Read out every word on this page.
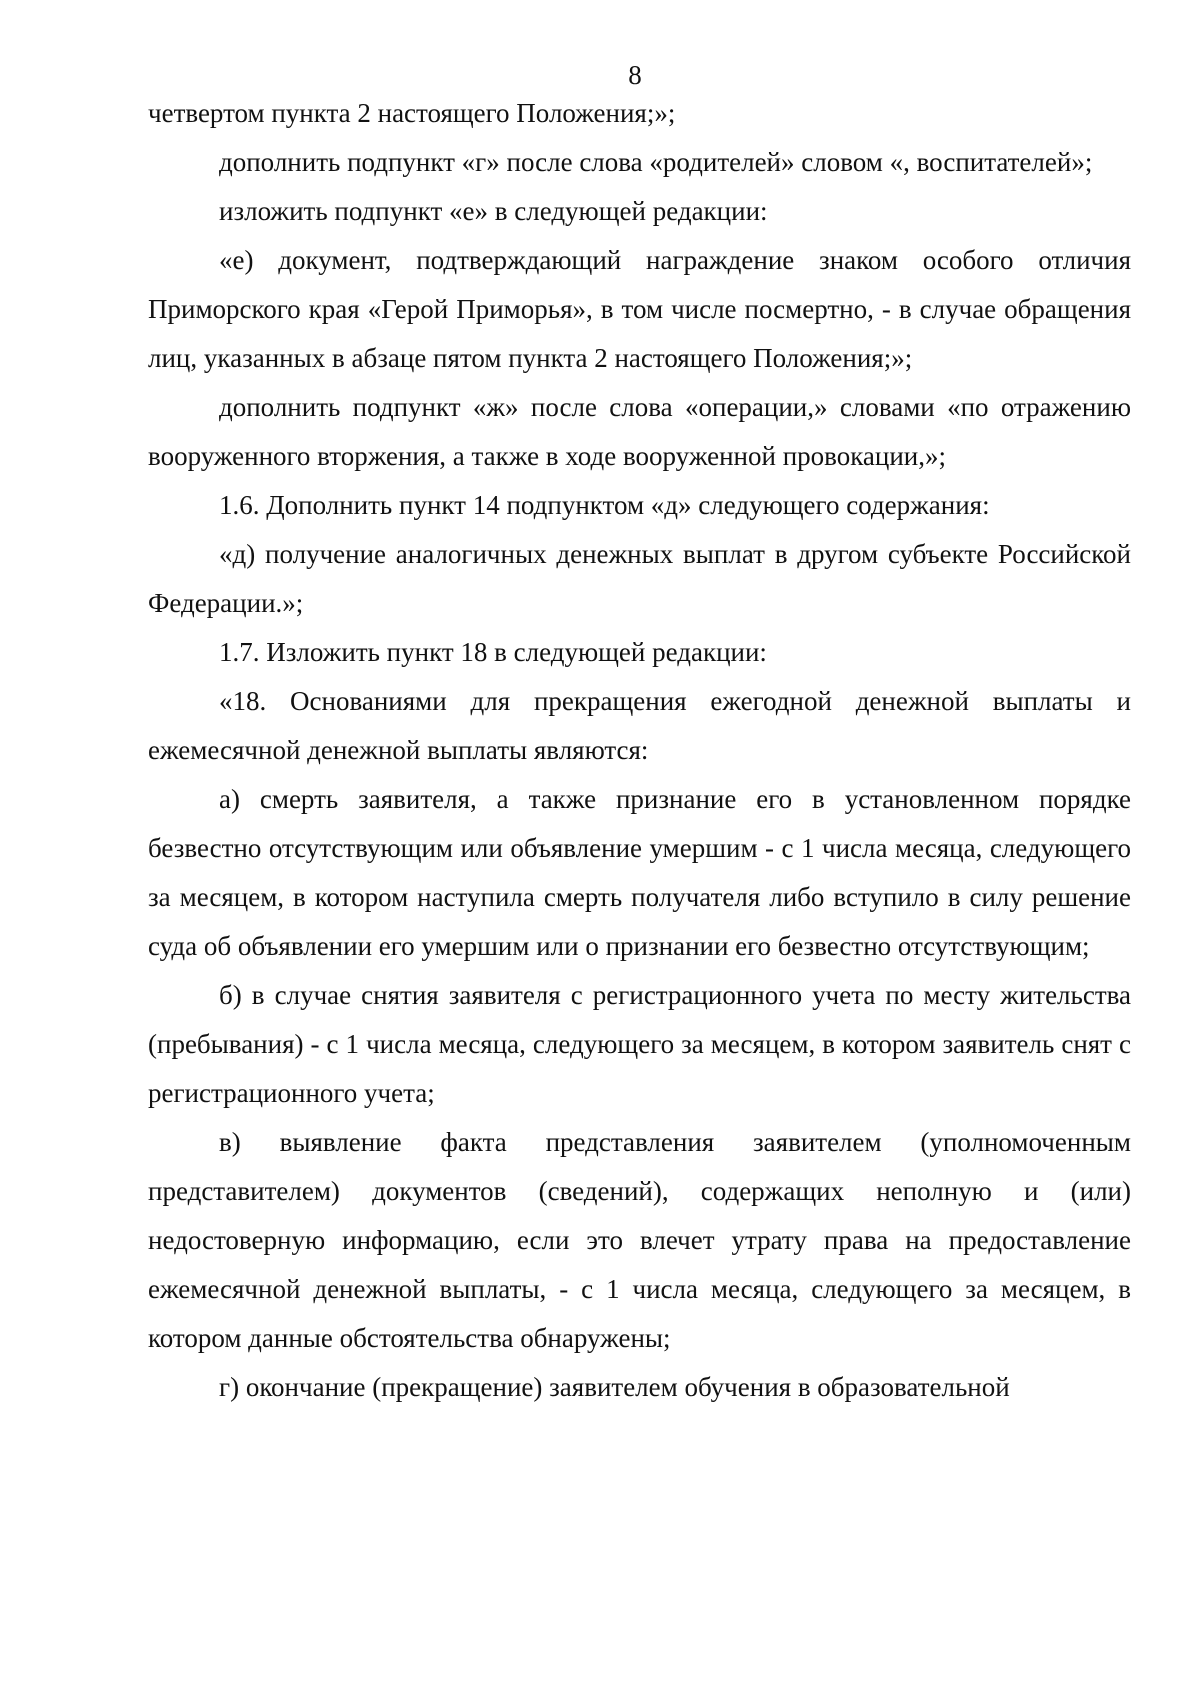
8

четвертом пункта 2 настоящего Положения;»;

дополнить подпункт «г» после слова «родителей» словом «, воспитателей»;

изложить подпункт «е» в следующей редакции:

«е) документ, подтверждающий награждение знаком особого отличия Приморского края «Герой Приморья», в том числе посмертно, - в случае обращения лиц, указанных в абзаце пятом пункта 2 настоящего Положения;»;

дополнить подпункт «ж» после слова «операции,» словами «по отражению вооруженного вторжения, а также в ходе вооруженной провокации,»;

1.6. Дополнить пункт 14 подпунктом «д» следующего содержания:

«д) получение аналогичных денежных выплат в другом субъекте Российской Федерации.»;

1.7. Изложить пункт 18 в следующей редакции:

«18. Основаниями для прекращения ежегодной денежной выплаты и ежемесячной денежной выплаты являются:

а) смерть заявителя, а также признание его в установленном порядке безвестно отсутствующим или объявление умершим - с 1 числа месяца, следующего за месяцем, в котором наступила смерть получателя либо вступило в силу решение суда об объявлении его умершим или о признании его безвестно отсутствующим;

б) в случае снятия заявителя с регистрационного учета по месту жительства (пребывания) - с 1 числа месяца, следующего за месяцем, в котором заявитель снят с регистрационного учета;

в) выявление факта представления заявителем (уполномоченным представителем) документов (сведений), содержащих неполную и (или) недостоверную информацию, если это влечет утрату права на предоставление ежемесячной денежной выплаты, - с 1 числа месяца, следующего за месяцем, в котором данные обстоятельства обнаружены;

г) окончание (прекращение) заявителем обучения в образовательной
